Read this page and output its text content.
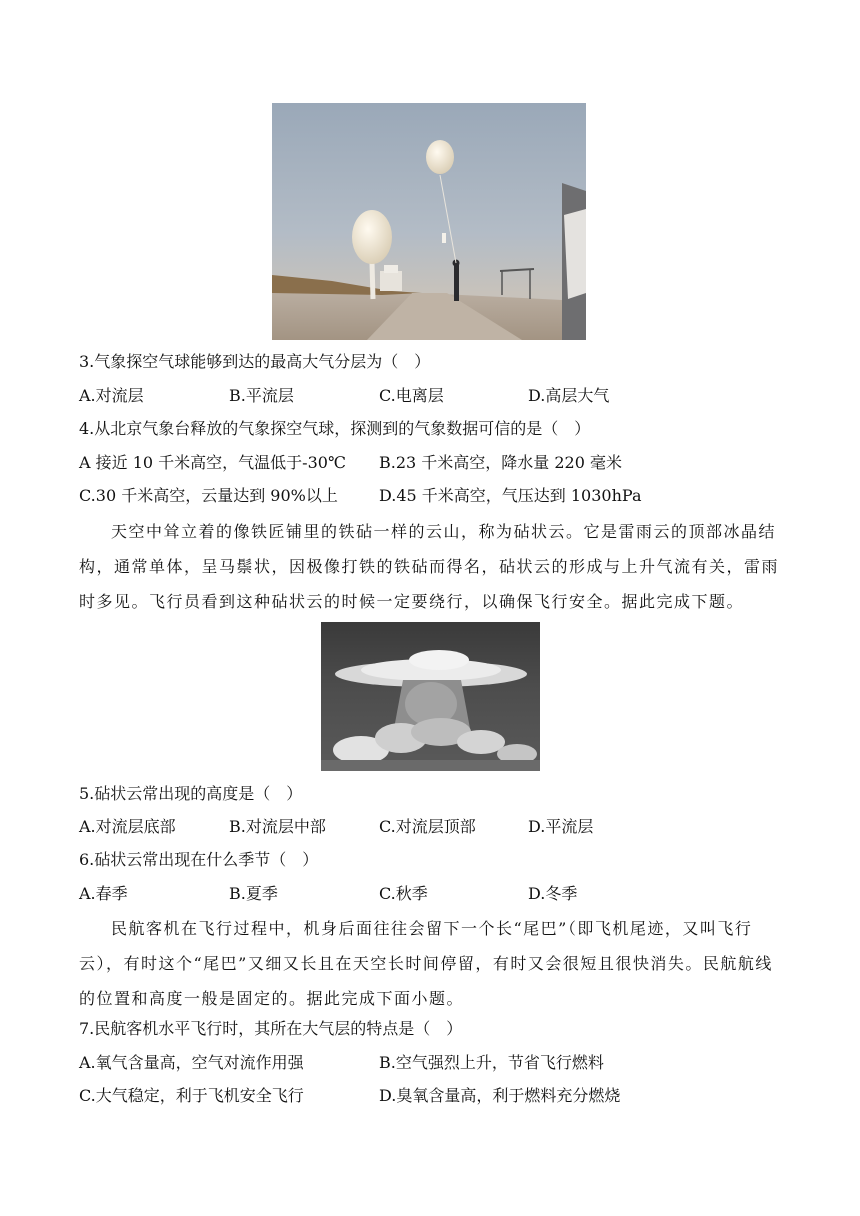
3.气象探空气球能够到达的最高大气分层为（　）
A.对流层	B.平流层	C.电离层	D.高层大气
4.从北京气象台释放的气象探空气球，探测到的气象数据可信的是（　）
A 接近 10 千米高空，气温低于-30℃ B.23 千米高空，降水量 220 毫米
C.30 千米高空，云量达到 90%以上	D.45 千米高空，气压达到 1030hPa
天空中耸立着的像铁匠铺里的铁砧一样的云山，称为砧状云。它是雷雨云的顶部冰晶结构，通常单体，呈马鬃状，因极像打铁的铁砧而得名，砧状云的形成与上升气流有关，雷雨时多见。飞行员看到这种砧状云的时候一定要绕行，以确保飞行安全。据此完成下题。
5.砧状云常出现的高度是（　）
A.对流层底部	B.对流层中部	C.对流层顶部	D.平流层
6.砧状云常出现在什么季节（　）
A.春季	B.夏季	C.秋季	D.冬季
民航客机在飞行过程中，机身后面往往会留下一个长“尾巴”（即飞机尾迹，又叫飞行云），有时这个“尾巴”又细又长且在天空长时间停留，有时又会很短且很快消失。民航航线的位置和高度一般是固定的。据此完成下面小题。
7.民航客机水平飞行时，其所在大气层的特点是（　）
A.氧气含量高，空气对流作用强	B.空气强烈上升，节省飞行燃料
C.大气稳定，利于飞机安全飞行	D.臭氧含量高，利于燃料充分燃烧
